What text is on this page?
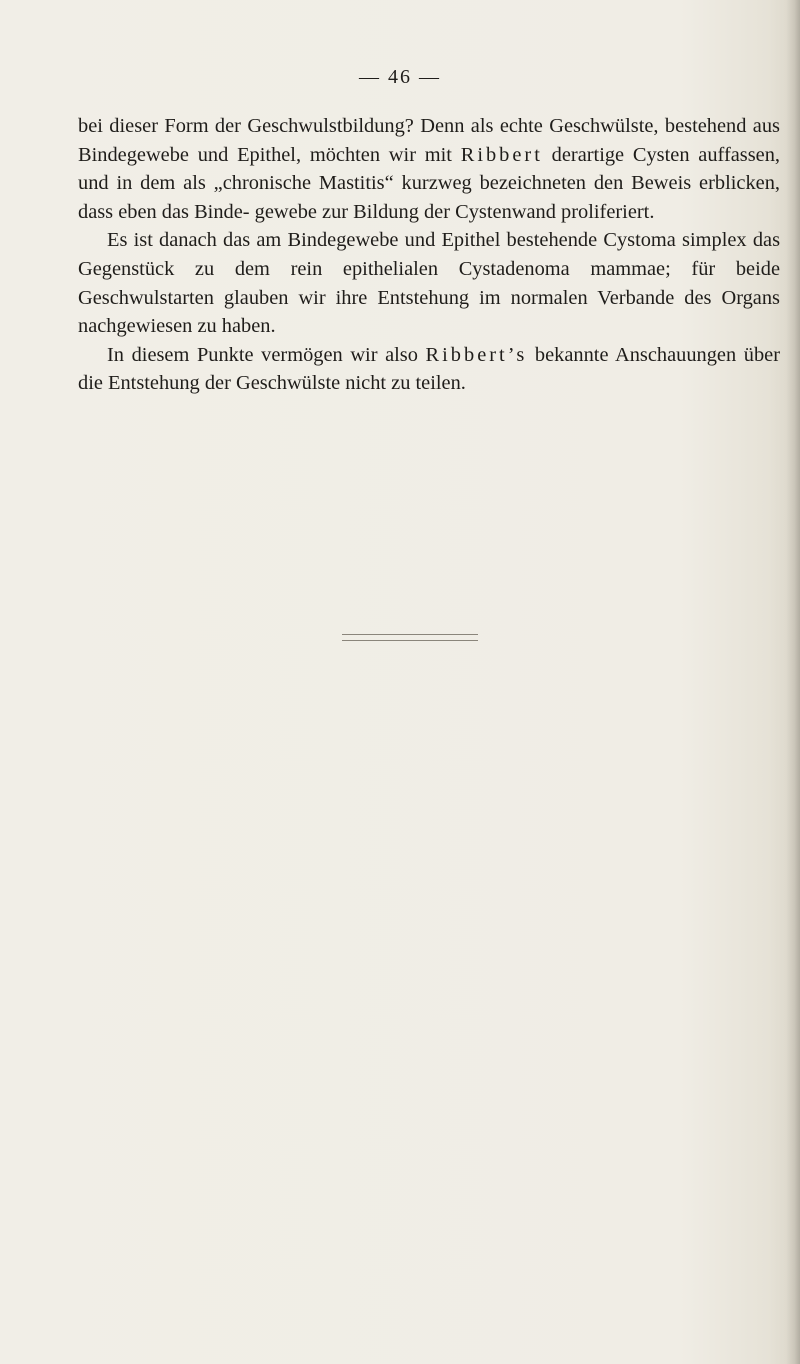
— 46 —

bei dieser Form der Geschwulstbildung? Denn als echte Geschwülste, bestehend aus Bindegewebe und Epithel, möchten wir mit Ribbert derartige Cysten auffassen, und in dem als „chronische Mastitis“ kurzweg bezeichneten den Beweis erblicken, dass eben das Binde- gewebe zur Bildung der Cystenwand proliferiert.

Es ist danach das am Bindegewebe und Epithel bestehende Cystoma simplex das Gegenstück zu dem rein epithelialen Cystadenoma mammae; für beide Geschwulstarten glauben wir ihre Entstehung im normalen Verbande des Organs nachgewiesen zu haben.

In diesem Punkte vermögen wir also Ribbert’s bekannte Anschauungen über die Entstehung der Geschwülste nicht zu teilen.
